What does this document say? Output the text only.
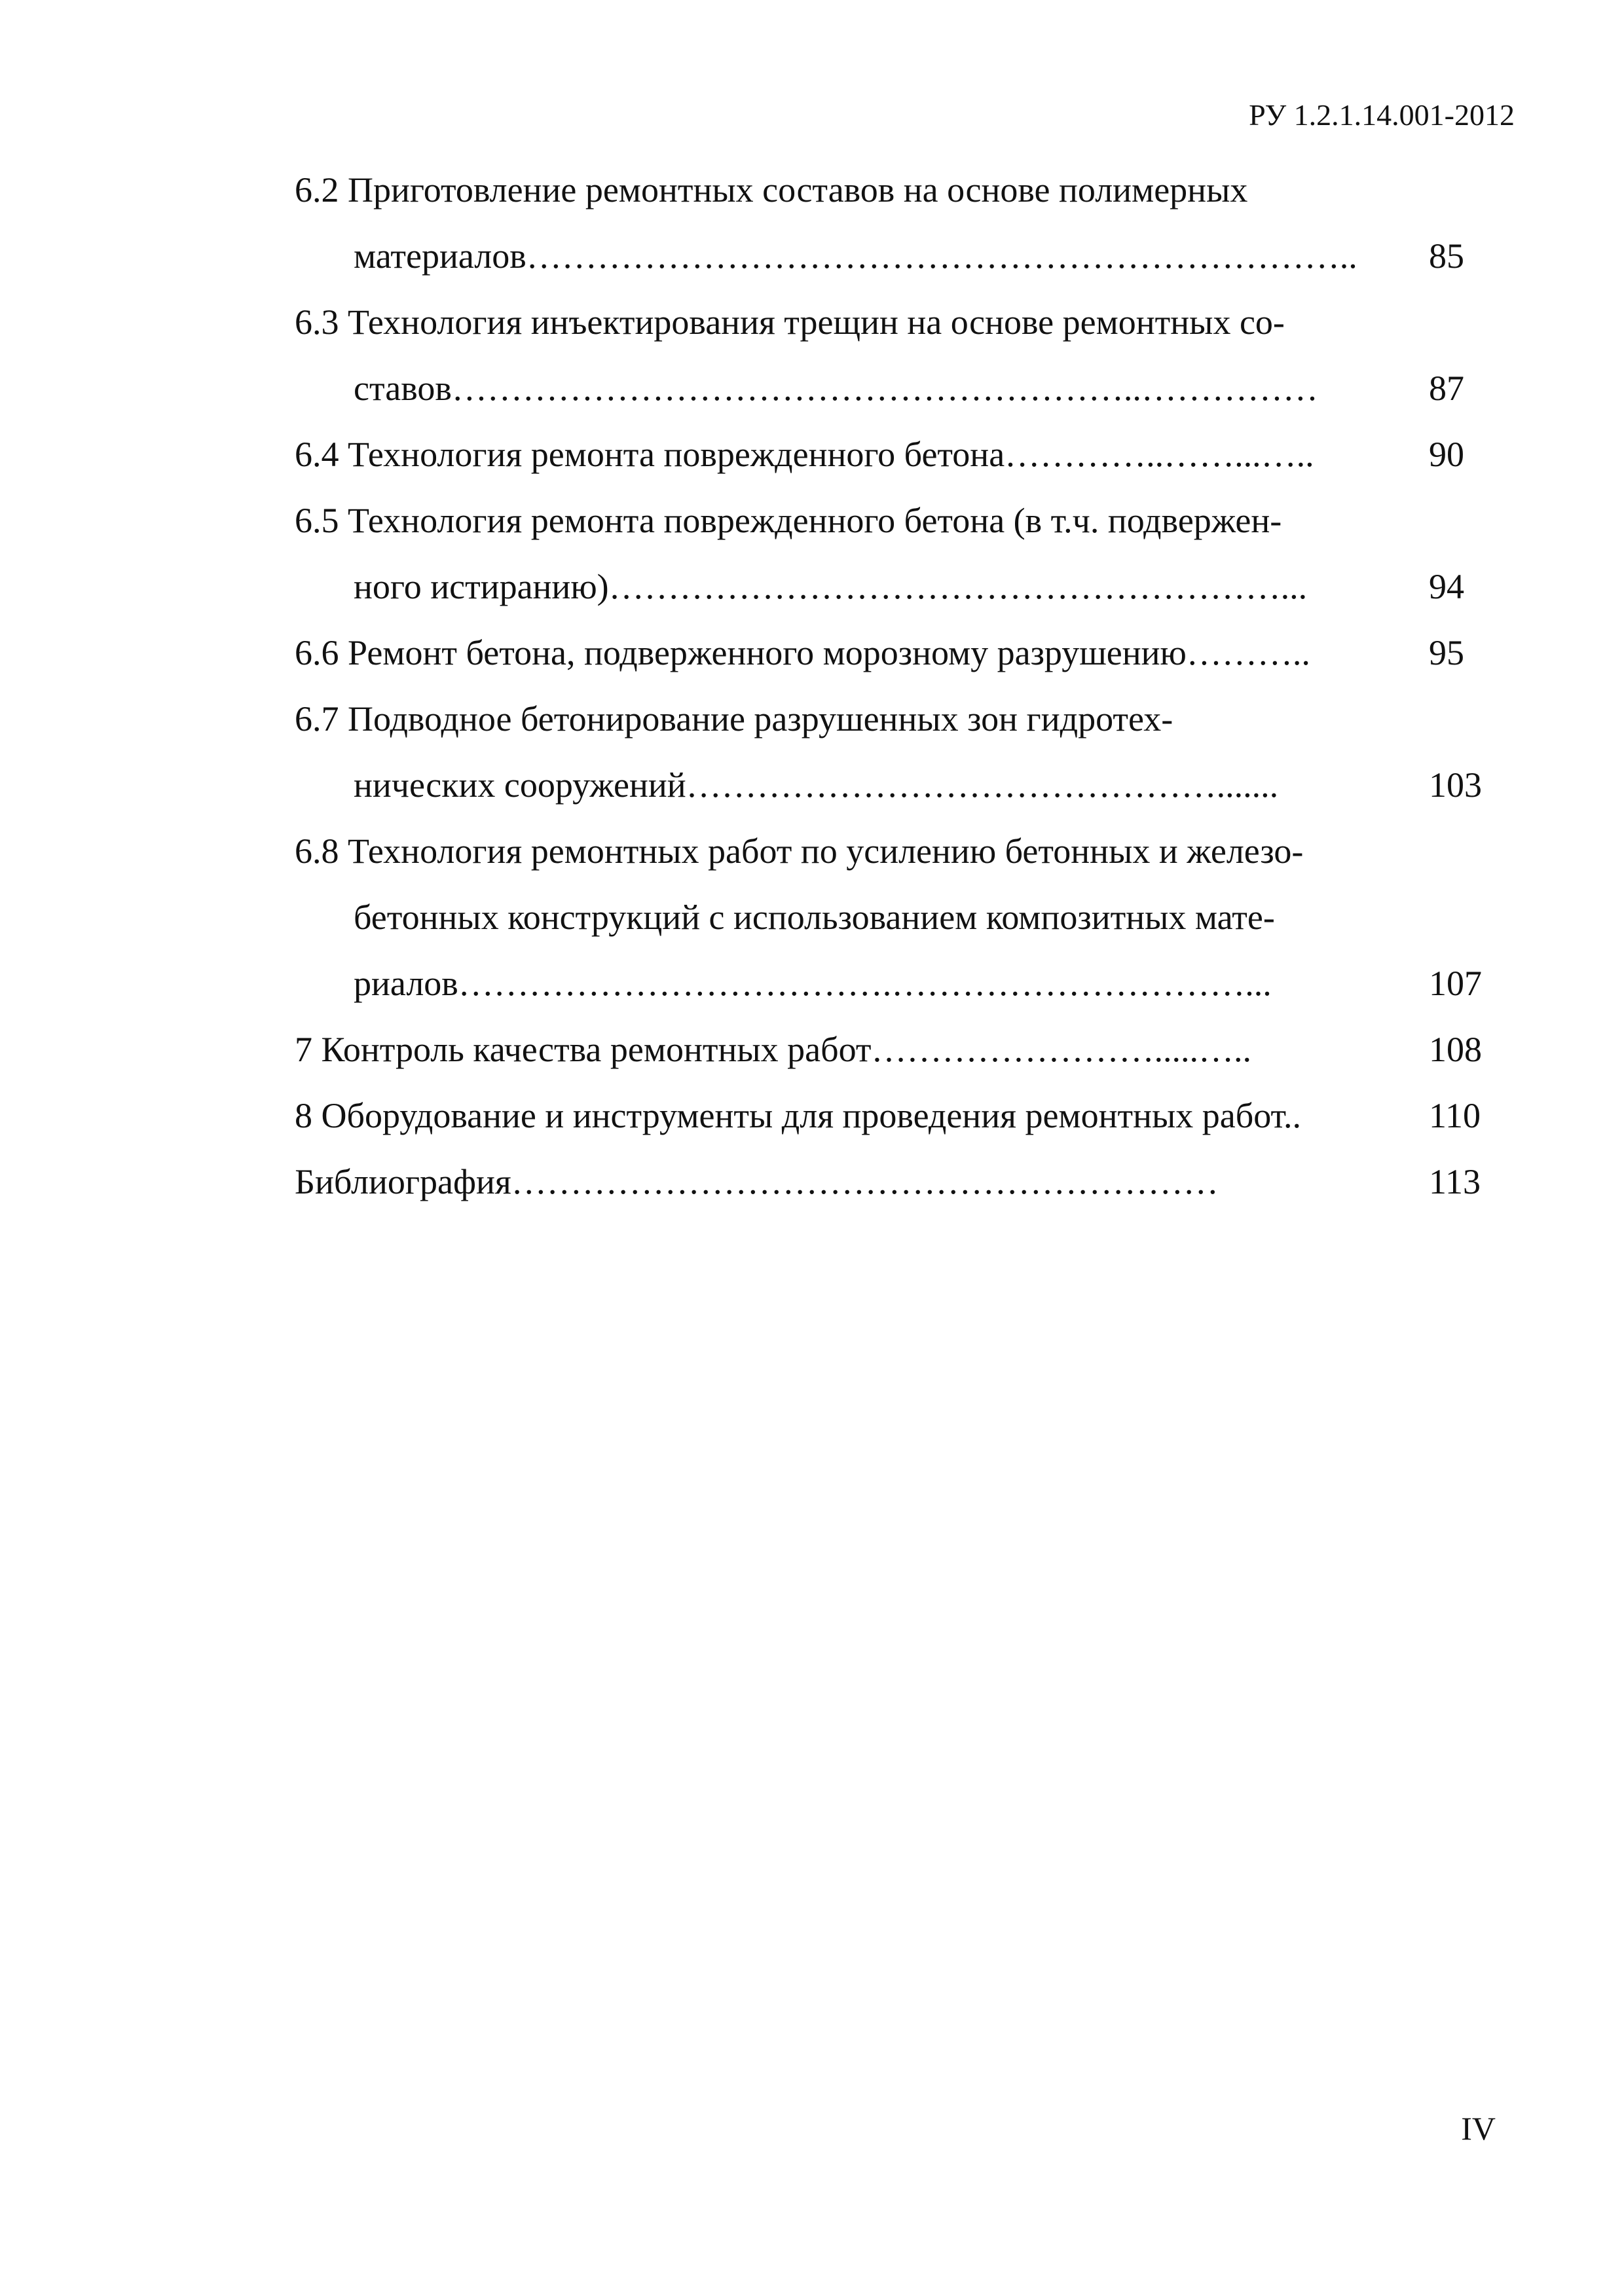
РУ 1.2.1.14.001-2012
6.2 Приготовление ремонтных составов на основе полимерных
материалов…………………………………………………………….. 85
6.3 Технология инъектирования трещин на основе ремонтных со-
ставов…………………………………………………..……………	87
6.4 Технология ремонта поврежденного бетона…………..……...…..	90
6.5 Технология ремонта поврежденного бетона (в т.ч. подвержен-
ного истиранию)…………………………………………………...	94
6.6 Ремонт бетона, подверженного морозному разрушению………..	95
6.7 Подводное бетонирование разрушенных зон гидротех-
нических сооружений……………………………………….......	103
6.8 Технология ремонтных работ по усилению бетонных и железо-
бетонных конструкций с использованием композитных мате-
риалов……………………………….…………………………...	107
7 Контроль качества ремонтных работ…………………….....…..	108
8 Оборудование и инструменты для проведения ремонтных работ..	110
Библиография……………………………………………………	113
IV
